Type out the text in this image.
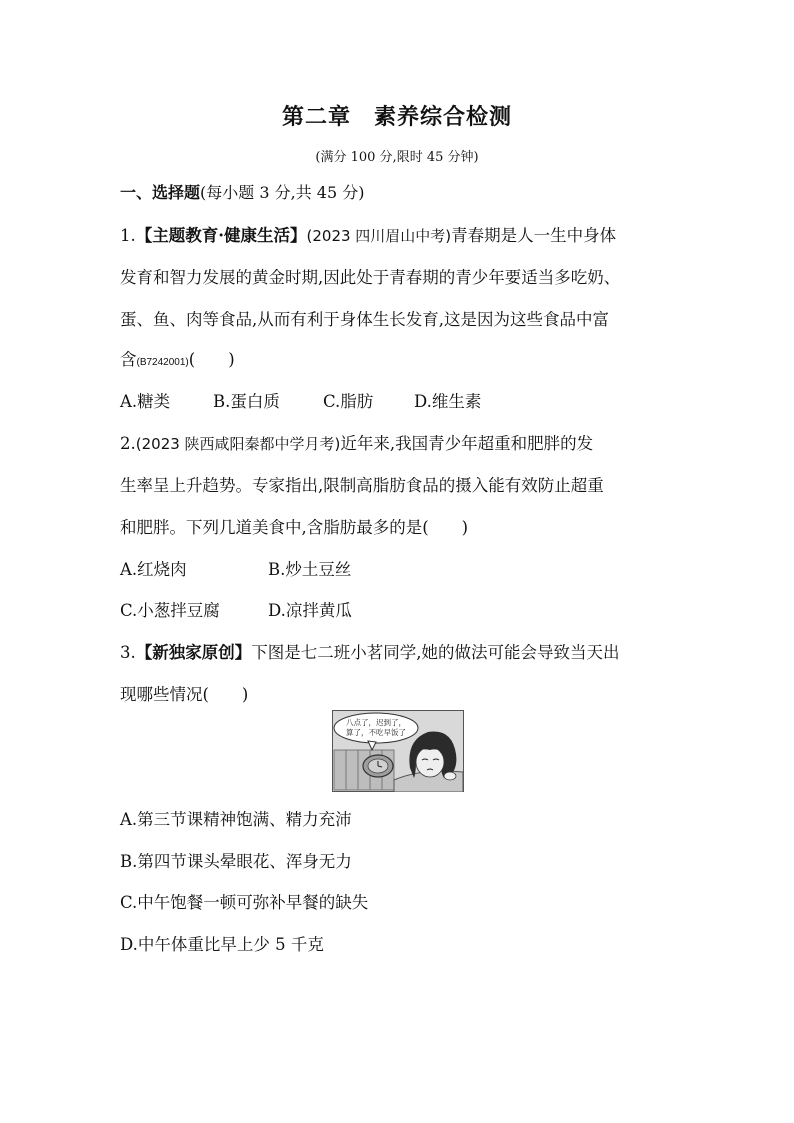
第二章　素养综合检测
(满分 100 分,限时 45 分钟)
一、选择题(每小题 3 分,共 45 分)
1.【主题教育·健康生活】(2023 四川眉山中考)青春期是人一生中身体
发育和智力发展的黄金时期,因此处于青春期的青少年要适当多吃奶、
蛋、鱼、肉等食品,从而有利于身体生长发育,这是因为这些食品中富
含(B7242001)(　　)
A.糖类	B.蛋白质	C.脂肪 D.维生素
2.(2023 陕西咸阳秦都中学月考)近年来,我国青少年超重和肥胖的发
生率呈上升趋势。专家指出,限制高脂肪食品的摄入能有效防止超重
和肥胖。下列几道美食中,含脂肪最多的是(　　)
A.红烧肉	B.炒土豆丝
C.小葱拌豆腐	D.凉拌黄瓜
3.【新独家原创】下图是七二班小茗同学,她的做法可能会导致当天出
现哪些情况(　　)
八点了，迟到了，
算了，不吃早饭了
A.第三节课精神饱满、精力充沛
B.第四节课头晕眼花、浑身无力
C.中午饱餐一顿可弥补早餐的缺失
D.中午体重比早上少 5 千克
